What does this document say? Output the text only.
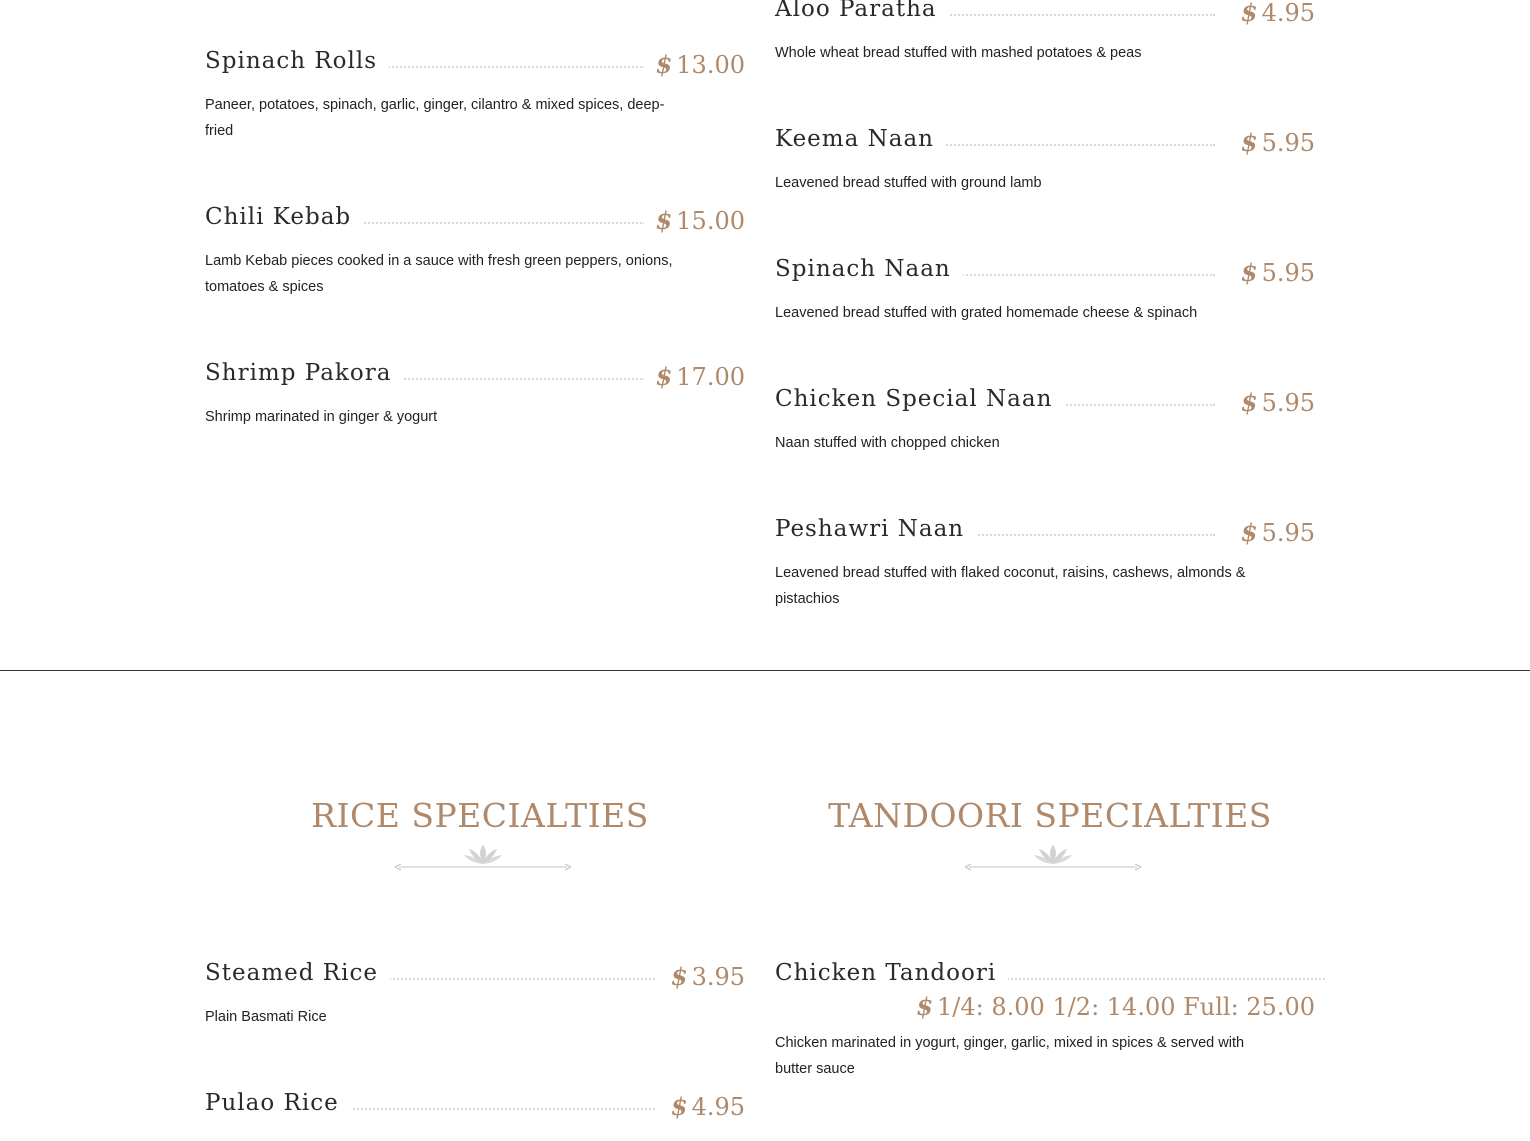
Spinach Rolls	$ 13.00
Paneer, potatoes, spinach, garlic, ginger, cilantro & mixed spices, deep-fried
Chili Kebab	$ 15.00
Lamb Kebab pieces cooked in a sauce with fresh green peppers, onions, tomatoes & spices
Shrimp Pakora	$ 17.00
Shrimp marinated in ginger & yogurt
Aloo Paratha	$ 4.95
Whole wheat bread stuffed with mashed potatoes & peas
Keema Naan	$ 5.95
Leavened bread stuffed with ground lamb
Spinach Naan	$ 5.95
Leavened bread stuffed with grated homemade cheese & spinach
Chicken Special Naan	$ 5.95
Naan stuffed with chopped chicken
Peshawri Naan	$ 5.95
Leavened bread stuffed with flaked coconut, raisins, cashews, almonds & pistachios
RICE SPECIALTIES	TANDOORI SPECIALTIES
Steamed Rice	$ 3.95
Plain Basmati Rice
Pulao Rice	$ 4.95
Chicken Tandoori
$ 1/4: 8.00 1/2: 14.00 Full: 25.00
Chicken marinated in yogurt, ginger, garlic, mixed in spices & served with butter sauce
